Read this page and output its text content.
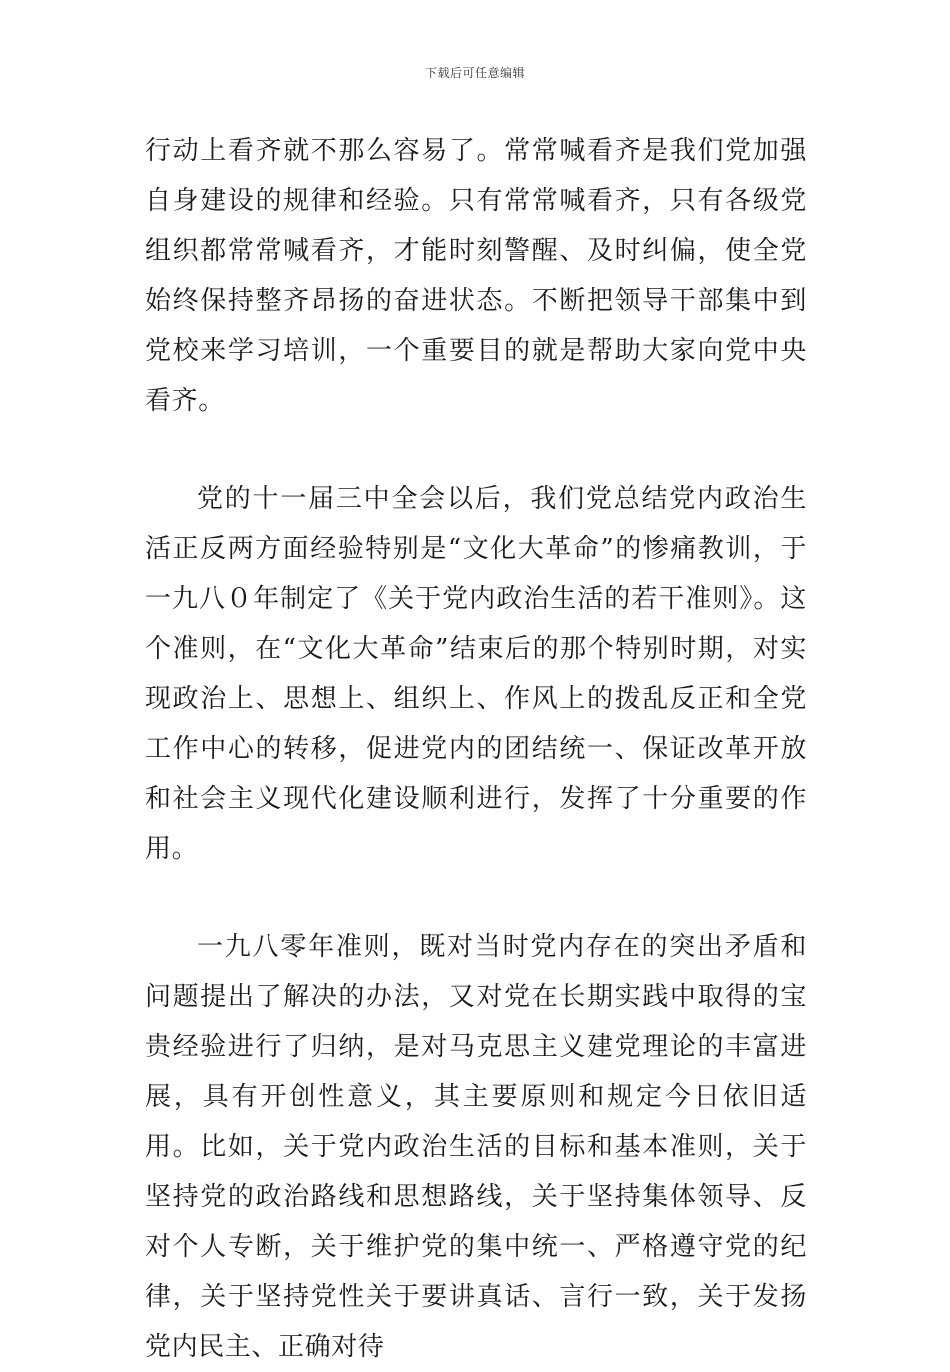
下载后可任意编辑

行动上看齐就不那么容易了。常常喊看齐是我们党加强自身建设的规律和经验。只有常常喊看齐，只有各级党组织都常常喊看齐，才能时刻警醒、及时纠偏，使全党始终保持整齐昂扬的奋进状态。不断把领导干部集中到党校来学习培训，一个重要目的就是帮助大家向党中央看齐。

党的十一届三中全会以后，我们党总结党内政治生活正反两方面经验特别是“文化大革命”的惨痛教训，于一九八０年制定了《关于党内政治生活的若干准则》。这个准则，在“文化大革命”结束后的那个特别时期，对实现政治上、思想上、组织上、作风上的拨乱反正和全党工作中心的转移，促进党内的团结统一、保证改革开放和社会主义现代化建设顺利进行，发挥了十分重要的作用。

一九八零年准则，既对当时党内存在的突出矛盾和问题提出了解决的办法，又对党在长期实践中取得的宝贵经验进行了归纳，是对马克思主义建党理论的丰富进展，具有开创性意义，其主要原则和规定今日依旧适用。比如，关于党内政治生活的目标和基本准则，关于坚持党的政治路线和思想路线，关于坚持集体领导、反对个人专断，关于维护党的集中统一、严格遵守党的纪律，关于坚持党性关于要讲真话、言行一致，关于发扬党内民主、正确对待
